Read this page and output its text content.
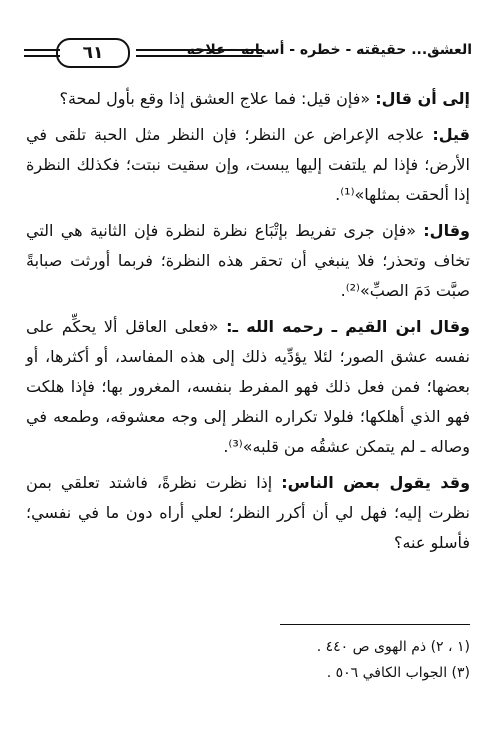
العشق... حقيقته - خطره - أسبابه - علاجه
٦١

إلى أن قال: «فإن قيل: فما علاج العشق إذا وقع بأول لمحة؟

قيل: علاجه الإعراض عن النظر؛ فإن النظر مثل الحبة تلقى في الأرض؛ فإذا لم يلتفت إليها يبست، وإن سقيت نبتت؛ فكذلك النظرة إذا ألحقت بمثلها»⁽¹⁾.

وقال: «فإن جرى تفريط بإتْبَاع نظرة لنظرة فإن الثانية هي التي تخاف وتحذر؛ فلا ينبغي أن تحقر هذه النظرة؛ فربما أورثت صبابةً صبَّت دَمَ الصبِّ»⁽²⁾.

وقال ابن القيم ـ رحمه الله ـ: «فعلى العاقل ألا يحكِّم على نفسه عشق الصور؛ لئلا يؤدِّيه ذلك إلى هذه المفاسد، أو أكثرها، أو بعضها؛ فمن فعل ذلك فهو المفرط بنفسه، المغرور بها؛ فإذا هلكت فهو الذي أهلكها؛ فلولا تكراره النظر إلى وجه معشوقه، وطمعه في وصاله ـ لم يتمكن عشقُه من قلبه»⁽³⁾.

وقد يقول بعض الناس: إذا نظرت نظرةً، فاشتد تعلقي بمن نظرت إليه؛ فهل لي أن أكرر النظر؛ لعلي أراه دون ما في نفسي؛ فأسلو عنه؟

(١ ، ٢) ذم الهوى ص ٤٤٠ .
(٣) الجواب الكافي ٥٠٦ .
